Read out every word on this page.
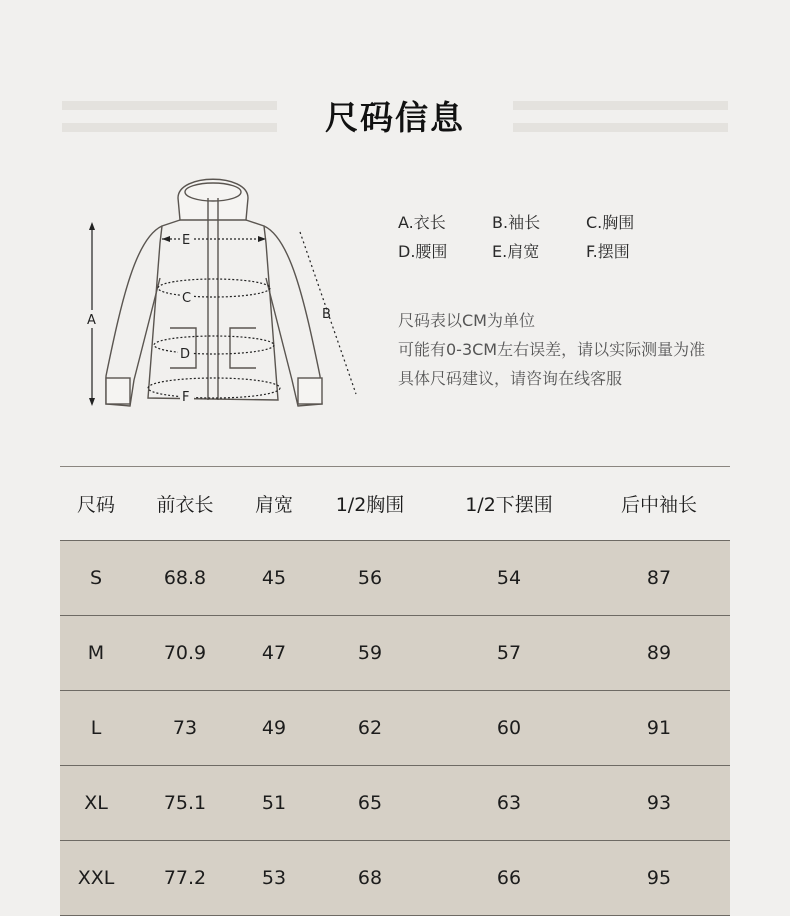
尺码信息
A	B
E
C
D
F
A.衣长	B.袖长	C.胸围
D.腰围	E.肩宽	F.摆围
尺码表以CM为单位
可能有0-3CM左右误差，请以实际测量为准
具体尺码建议，请咨询在线客服
尺码	前衣长	肩宽	1/2胸围	1/2下摆围	后中袖长
S	68.8	45	56	54	87
M	70.9	47	59	57	89
L	73	49	62	60	91
XL	75.1	51	65	63	93
XXL	77.2	53	68	66	95
